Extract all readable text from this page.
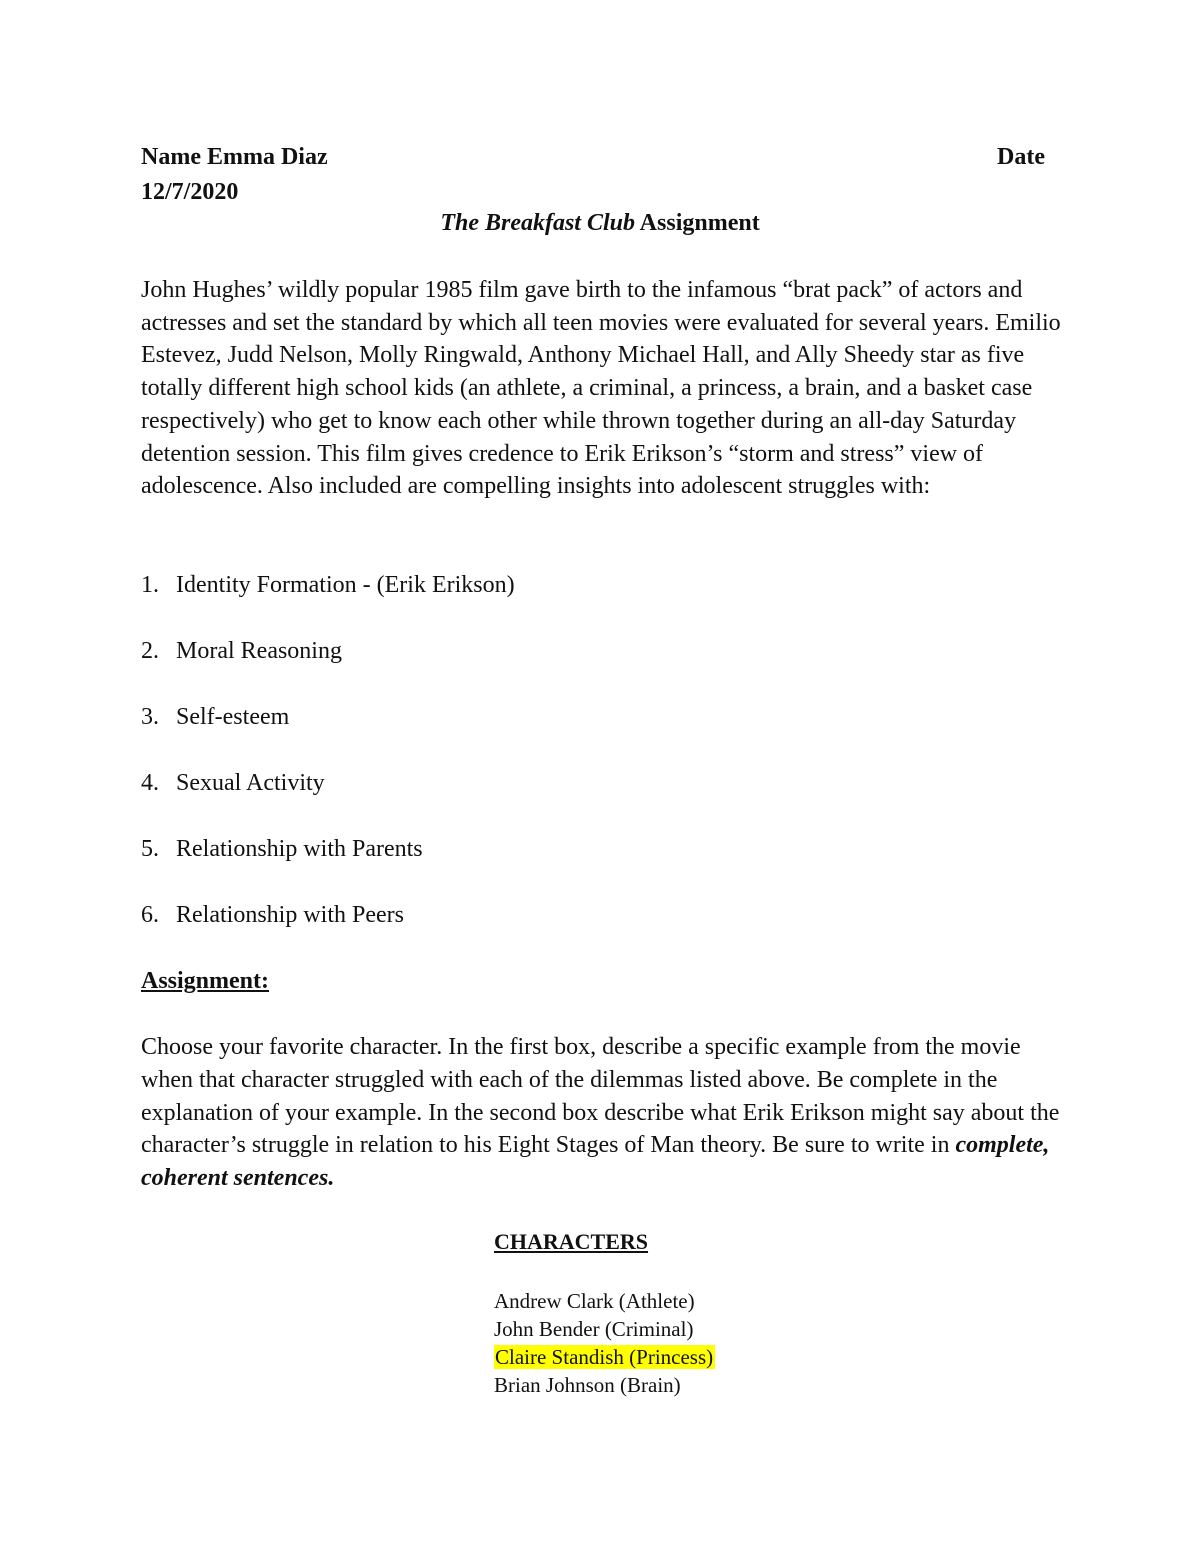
Name Emma Diaz	Date
12/7/2020
The Breakfast Club Assignment

John Hughes’ wildly popular 1985 film gave birth to the infamous “brat pack” of actors and actresses and set the standard by which all teen movies were evaluated for several years. Emilio Estevez, Judd Nelson, Molly Ringwald, Anthony Michael Hall, and Ally Sheedy star as five totally different high school kids (an athlete, a criminal, a princess, a brain, and a basket case respectively) who get to know each other while thrown together during an all-day Saturday detention session. This film gives credence to Erik Erikson’s “storm and stress” view of adolescence. Also included are compelling insights into adolescent struggles with:

1. Identity Formation - (Erik Erikson)
2. Moral Reasoning
3. Self-esteem
4. Sexual Activity
5. Relationship with Parents
6. Relationship with Peers
Assignment:

Choose your favorite character. In the first box, describe a specific example from the movie when that character struggled with each of the dilemmas listed above. Be complete in the explanation of your example. In the second box describe what Erik Erikson might say about the character’s struggle in relation to his Eight Stages of Man theory. Be sure to write in complete, coherent sentences.

CHARACTERS
Andrew Clark (Athlete)
John Bender (Criminal)
Claire Standish (Princess)
Brian Johnson (Brain)
